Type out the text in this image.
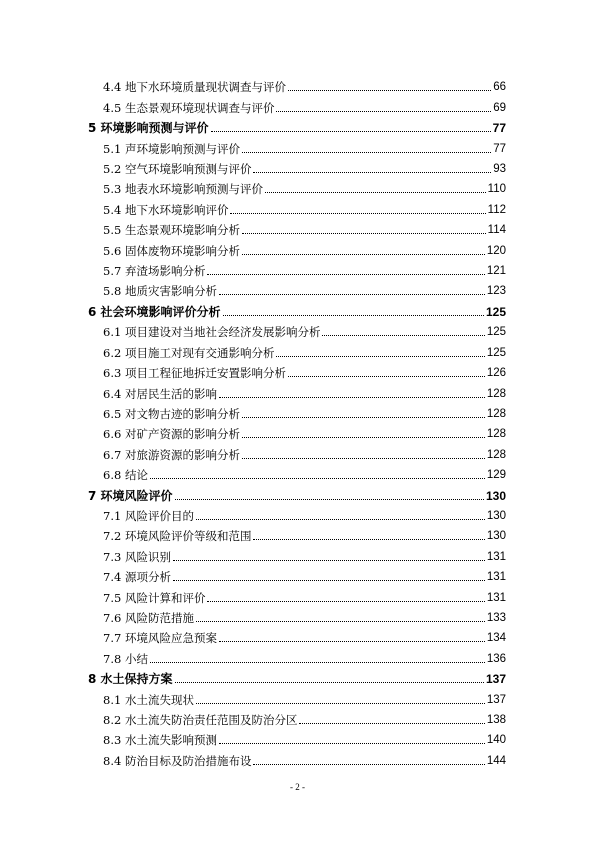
4.4 地下水环境质量现状调查与评价	66
4.5 生态景观环境现状调查与评价	69
5 环境影响预测与评价	77
5.1 声环境影响预测与评价	77
5.2 空气环境影响预测与评价	93
5.3 地表水环境影响预测与评价	110
5.4 地下水环境影响评价	112
5.5 生态景观环境影响分析	114
5.6 固体废物环境影响分析	120
5.7 弃渣场影响分析	121
5.8 地质灾害影响分析	123
6 社会环境影响评价分析	125
6.1 项目建设对当地社会经济发展影响分析	125
6.2 项目施工对现有交通影响分析	125
6.3 项目工程征地拆迁安置影响分析	126
6.4 对居民生活的影响	128
6.5 对文物古迹的影响分析	128
6.6 对矿产资源的影响分析	128
6.7 对旅游资源的影响分析	128
6.8 结论	129
7 环境风险评价	130
7.1 风险评价目的	130
7.2 环境风险评价等级和范围	130
7.3 风险识别	131
7.4 源项分析	131
7.5 风险计算和评价	131
7.6 风险防范措施	133
7.7 环境风险应急预案	134
7.8 小结	136
8 水土保持方案	137
8.1 水土流失现状	137
8.2 水土流失防治责任范围及防治分区	138
8.3 水土流失影响预测	140
8.4 防治目标及防治措施布设	144
- 2 -
